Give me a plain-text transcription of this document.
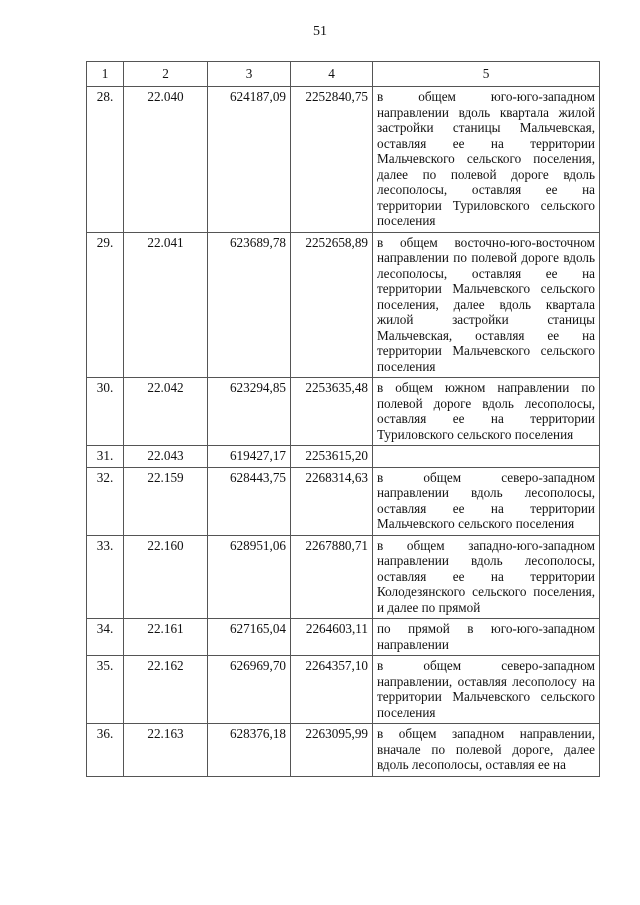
51
1	2	3	4	5
28.	22.040	624187,09	2252840,75	в общем юго-юго-западном направлении вдоль квартала жилой застройки станицы Мальчевская, оставляя ее на территории Мальчевского сельского поселения, далее по полевой дороге вдоль лесополосы, оставляя ее на территории Туриловского сельского поселения
29.	22.041	623689,78	2252658,89	в общем восточно-юго-восточном направлении по полевой дороге вдоль лесополосы, оставляя ее на территории Мальчевского сельского поселения, далее вдоль квартала жилой застройки станицы Мальчевская, оставляя ее на территории Мальчевского сельского поселения
30.	22.042	623294,85	2253635,48	в общем южном направлении по полевой дороге вдоль лесополосы, оставляя ее на территории Туриловского сельского поселения
31.	22.043	619427,17	2253615,20	
32.	22.159	628443,75	2268314,63	в общем северо-западном направлении вдоль лесополосы, оставляя ее на территории Мальчевского сельского поселения
33.	22.160	628951,06	2267880,71	в общем западно-юго-западном направлении вдоль лесополосы, оставляя ее на территории Колодезянского сельского поселения, и далее по прямой
34.	22.161	627165,04	2264603,11	по прямой в юго-юго-западном направлении
35.	22.162	626969,70	2264357,10	в общем северо-западном направлении, оставляя лесополосу на территории Мальчевского сельского поселения
36.	22.163	628376,18	2263095,99	в общем западном направлении, вначале по полевой дороге, далее вдоль лесополосы, оставляя ее на
